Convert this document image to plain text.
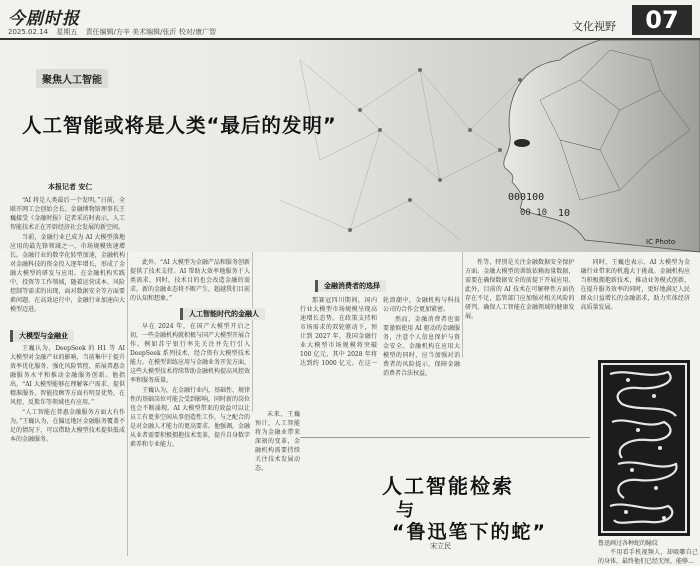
今剧时报
2025.02.14 星期五 责任编辑/方辛 美术编辑/张沂 校对/康广智	文化视野	07
000100
10
00 10
聚焦人工智能
人工智能或将是人类“最后的发明”
IC Photo
本报记者 安仁

“AI 将是人类最后一个发明。”日前，全联开网工会创始会长、金融博物馆理事长王巍接受《金融时报》记者采访时表示，人工智能技术正在开辟经济社会发展的新空间。

当前，金融行业已成为 AI 大模型落地应用的最先锋领域之一，市场规模快速增长。金融行业的数字化转型加速，金融机构对金融科技的资金投入逐年增长，形成了金融大模型的研发与应用。在金融机构实践中，投资等工作领域，随着运营成本、风险控制等需求的出现，面对数据安全等方面要素问题，在高效运行中，金融行业加速向大模型迈进。

大模型与金融业

王巍认为，DeepSeek 的 H1 等 AI 大模型对金融产业的影响，当前集中于提升效率优化服务、强化风险管控、拓展普惠金融服务水平和推动金融服务创新。他指出，“AI 大模型能够在理解客户需求、提供精准服务、智能投顾等方面有明显优势，在风控、反欺诈等领域也有应用。”

“人工智能在普惠金融服务方面大有作为。”王巍认为，在偏远地区金融服务覆盖不足的情况下，可以借助大模型技术提供低成本的金融服务。

此外，“AI 大模型为金融产品和服务创新提供了技术支持。AI 帮助大效率地服务于人类需求，同时，技术目的也会改造金融的需求，新的金融业态将不断产生，超越我们目前的认知和想象。”

人工智能时代的金融人

早在 2024 年，在国产大模型开启之初，一些金融机构就积极与国产大模型开展合作。例如苏宁银行率先关注并先行引入 DeepSeek 系列技术，经合资有大模型技术能力。在模型训练应用与金融业务开发方面，这些大模型技术持续帮助金融机构提高风控效率和服务质量。

王巍认为，在金融行业内，基础性、规律性的基础岗位可能会受到影响，同时新的岗位也会不断涌现。AI 大模型带来的效益可以让员工有更多空间从事创造性工作，与之配合的是对金融人才能力的更高要求。他强调，金融从业者需要积极拥抱技术变革，提升自身数字素养和专业能力。

金融消费者的选择

那赛冠四川期间，国内行业大模型市场规模呈现高速增长态势。在政策支持和市场需求的双轮驱动下，预计到 2027 年，我国金融行业大模型市场规模将突破 100 亿元，其中 2028 年将达到约 1000 亿元。在这一轮浪潮中，金融机构与科技公司的合作会更加紧密。

然而，金融消费者也需要谨慎使用 AI 驱动的金融服务，注意个人信息保护与资金安全。金融机构在应用大模型的同时，应当加强对消费者的风险提示，保障金融消费者合法权益。

未来，王巍预计，人工智能将为金融业带来深刻的变革，金融机构需要持续关注技术发展动态。

性等，特别是关注金融数据安全保护方面。金融大模型的训练依赖海量数据，需要在确保数据安全的前提下开展应用。此外，目前的 AI 技术在可解释性方面仍存在不足，监管部门应加强对相关风险的研判，确保人工智能在金融领域的健康发展。

同时，王巍也表示，AI 大模型为金融行业带来的机遇大于挑战。金融机构应当积极拥抱新技术，推动业务模式创新，在提升服务效率的同时，更好地满足人民群众日益增长的金融需求，助力实体经济高质量发展。

人工智能检索
与
“鲁迅笔下的蛇”
宋立民	鲁迅画过各种蛇的瞳纹

不用看手机视频人，却吸哪自己的身体，最终他们已经无厘，能够…
